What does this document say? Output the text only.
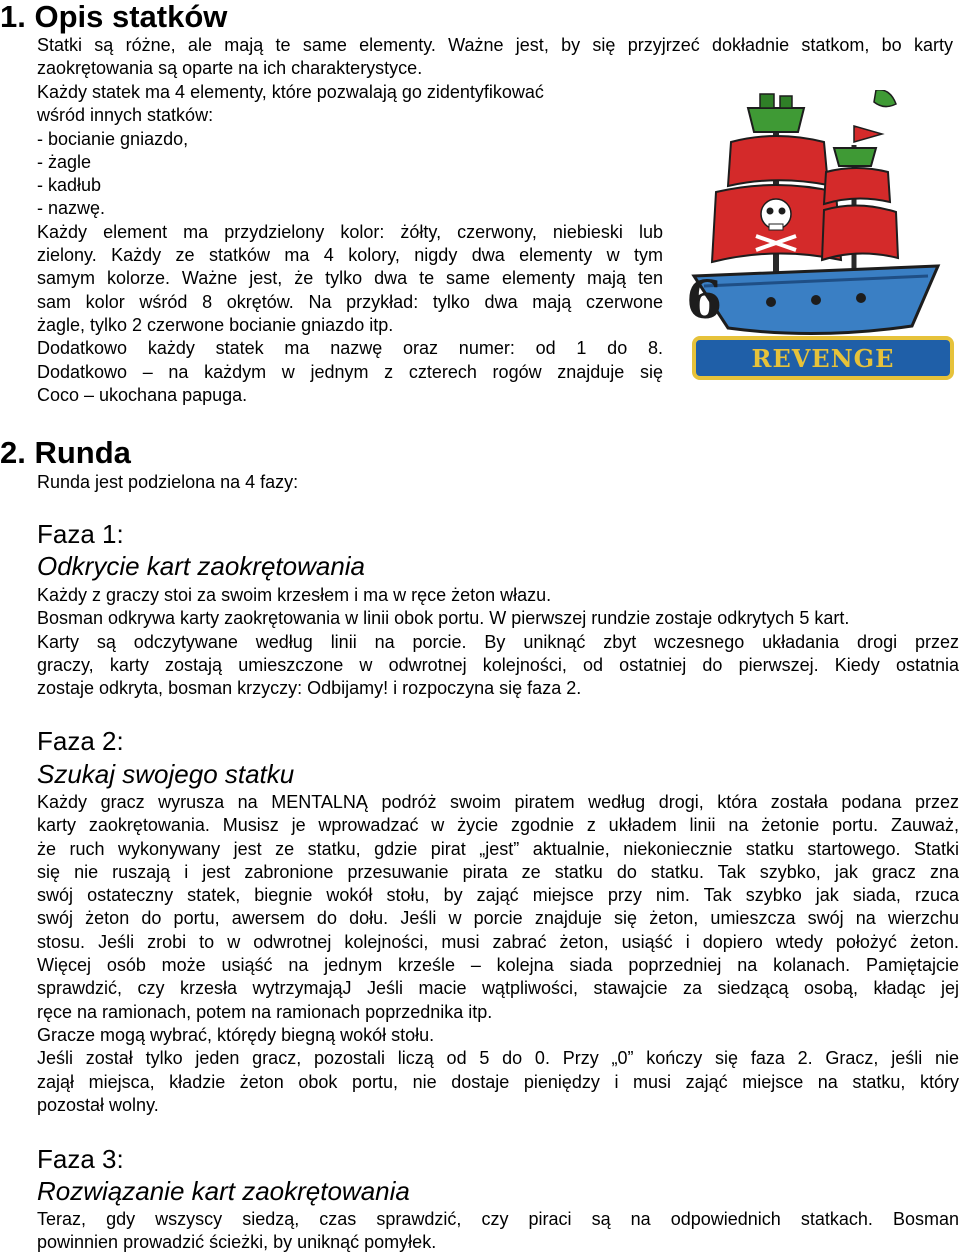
1. Opis statków

Statki są różne, ale mają te same elementy. Ważne jest, by się przyjrzeć dokładnie statkom, bo karty

zaokrętowania są oparte na ich charakterystyce.

Każdy statek ma 4 elementy, które pozwalają go zidentyfikować

wśród innych statków:

- bocianie gniazdo,

- żagle

- kadłub

- nazwę.

Każdy element ma przydzielony kolor: żółty, czerwony, niebieski lub

zielony. Każdy ze statków ma 4 kolory, nigdy dwa elementy w tym

samym kolorze. Ważne jest, że tylko dwa te same elementy mają ten

sam kolor wśród 8 okrętów. Na przykład: tylko dwa mają czerwone

żagle, tylko 2 czerwone bocianie gniazdo itp.

Dodatkowo każdy statek ma nazwę oraz numer: od 1 do 8.

Dodatkowo – na każdym w jednym z czterech rogów znajduje się

Coco – ukochana papuga.

6
REVENGE
2. Runda

Runda jest podzielona na 4 fazy:

Faza 1:
Odkrycie kart zaokrętowania

Każdy z graczy stoi za swoim krzesłem i ma w ręce żeton włazu.

Bosman odkrywa karty zaokrętowania w linii obok portu. W pierwszej rundzie zostaje odkrytych 5 kart.

Karty są odczytywane według linii na porcie. By uniknąć zbyt wczesnego układania drogi przez

graczy, karty zostają umieszczone w odwrotnej kolejności, od ostatniej do pierwszej. Kiedy ostatnia

zostaje odkryta, bosman krzyczy: Odbijamy! i rozpoczyna się faza 2.

Faza 2:
Szukaj swojego statku

Każdy gracz wyrusza na MENTALNĄ podróż swoim piratem według drogi, która została podana przez

karty zaokrętowania. Musisz je wprowadzać w życie zgodnie z układem linii na żetonie portu. Zauważ,

że ruch wykonywany jest ze statku, gdzie pirat „jest” aktualnie, niekoniecznie statku startowego. Statki

się nie ruszają i jest zabronione przesuwanie pirata ze statku do statku. Tak szybko, jak gracz zna

swój ostateczny statek, biegnie wokół stołu, by zająć miejsce przy nim. Tak szybko jak siada, rzuca

swój żeton do portu, awersem do dołu. Jeśli w porcie znajduje się żeton, umieszcza swój na wierzchu

stosu. Jeśli zrobi to w odwrotnej kolejności, musi zabrać żeton, usiąść i dopiero wtedy położyć żeton.

Więcej osób może usiąść na jednym krześle – kolejna siada poprzedniej na kolanach. Pamiętajcie

sprawdzić, czy krzesła wytrzymająJ Jeśli macie wątpliwości, stawajcie za siedzącą osobą, kładąc jej

ręce na ramionach, potem na ramionach poprzednika itp.

Gracze mogą wybrać, którędy biegną wokół stołu.

Jeśli został tylko jeden gracz, pozostali liczą od 5 do 0. Przy „0” kończy się faza 2. Gracz, jeśli nie

zajął miejsca, kładzie żeton obok portu, nie dostaje pieniędzy i musi zająć miejsce na statku, który

pozostał wolny.

Faza 3:
Rozwiązanie kart zaokrętowania

Teraz, gdy wszyscy siedzą, czas sprawdzić, czy piraci są na odpowiednich statkach. Bosman

powinnien prowadzić ścieżki, by uniknąć pomyłek.
